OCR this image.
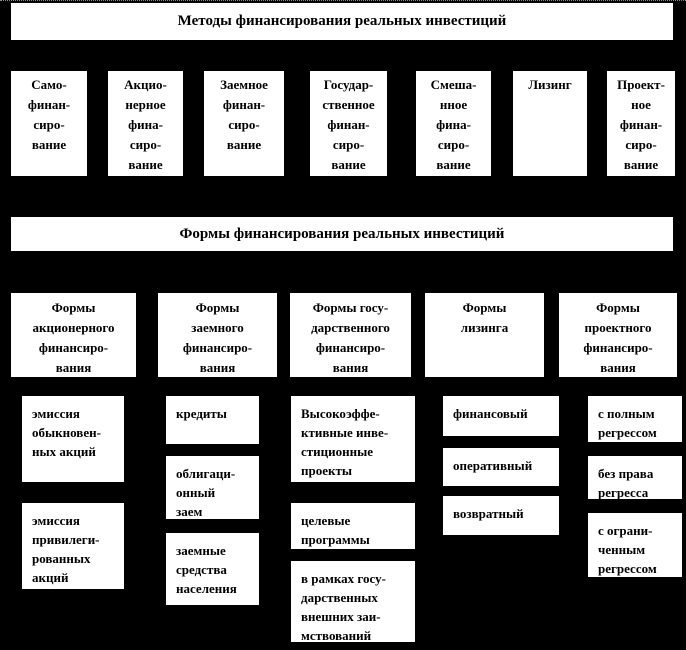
Методы финансирования реальных инвестиций
Само-
финан-
сиро-
вание
Акцио-
нерное
фина-
сиро-
вание
Заемное
финан-
сиро-
вание
Государ-
ственное
финан-
сиро-
вание
Смеша-
нное
фина-
сиро-
вание
Лизинг	Проект-
ное
финан-
сиро-
вание
Формы финансирования реальных инвестиций
Формы
акционерного
финансиро-
вания
Формы
заемного
финансиро-
вания
Формы госу-
дарственного
финансиро-
вания
Формы
лизинга
Формы
проектного
финансиро-
вания
эмиссия
обыкновен-
ных акций
эмиссия
привилеги-
рованных
акций
кредиты
облигаци-
онный
заем
заемные
средства
населения
Высокоэффе-
ктивные инве-
стиционные
проекты
целевые
программы
в рамках госу-
дарственных
внешних заи-
мствований
финансовый
оперативный
возвратный
с полным
регрессом
без права
регресса
с ограни-
ченным
регрессом
